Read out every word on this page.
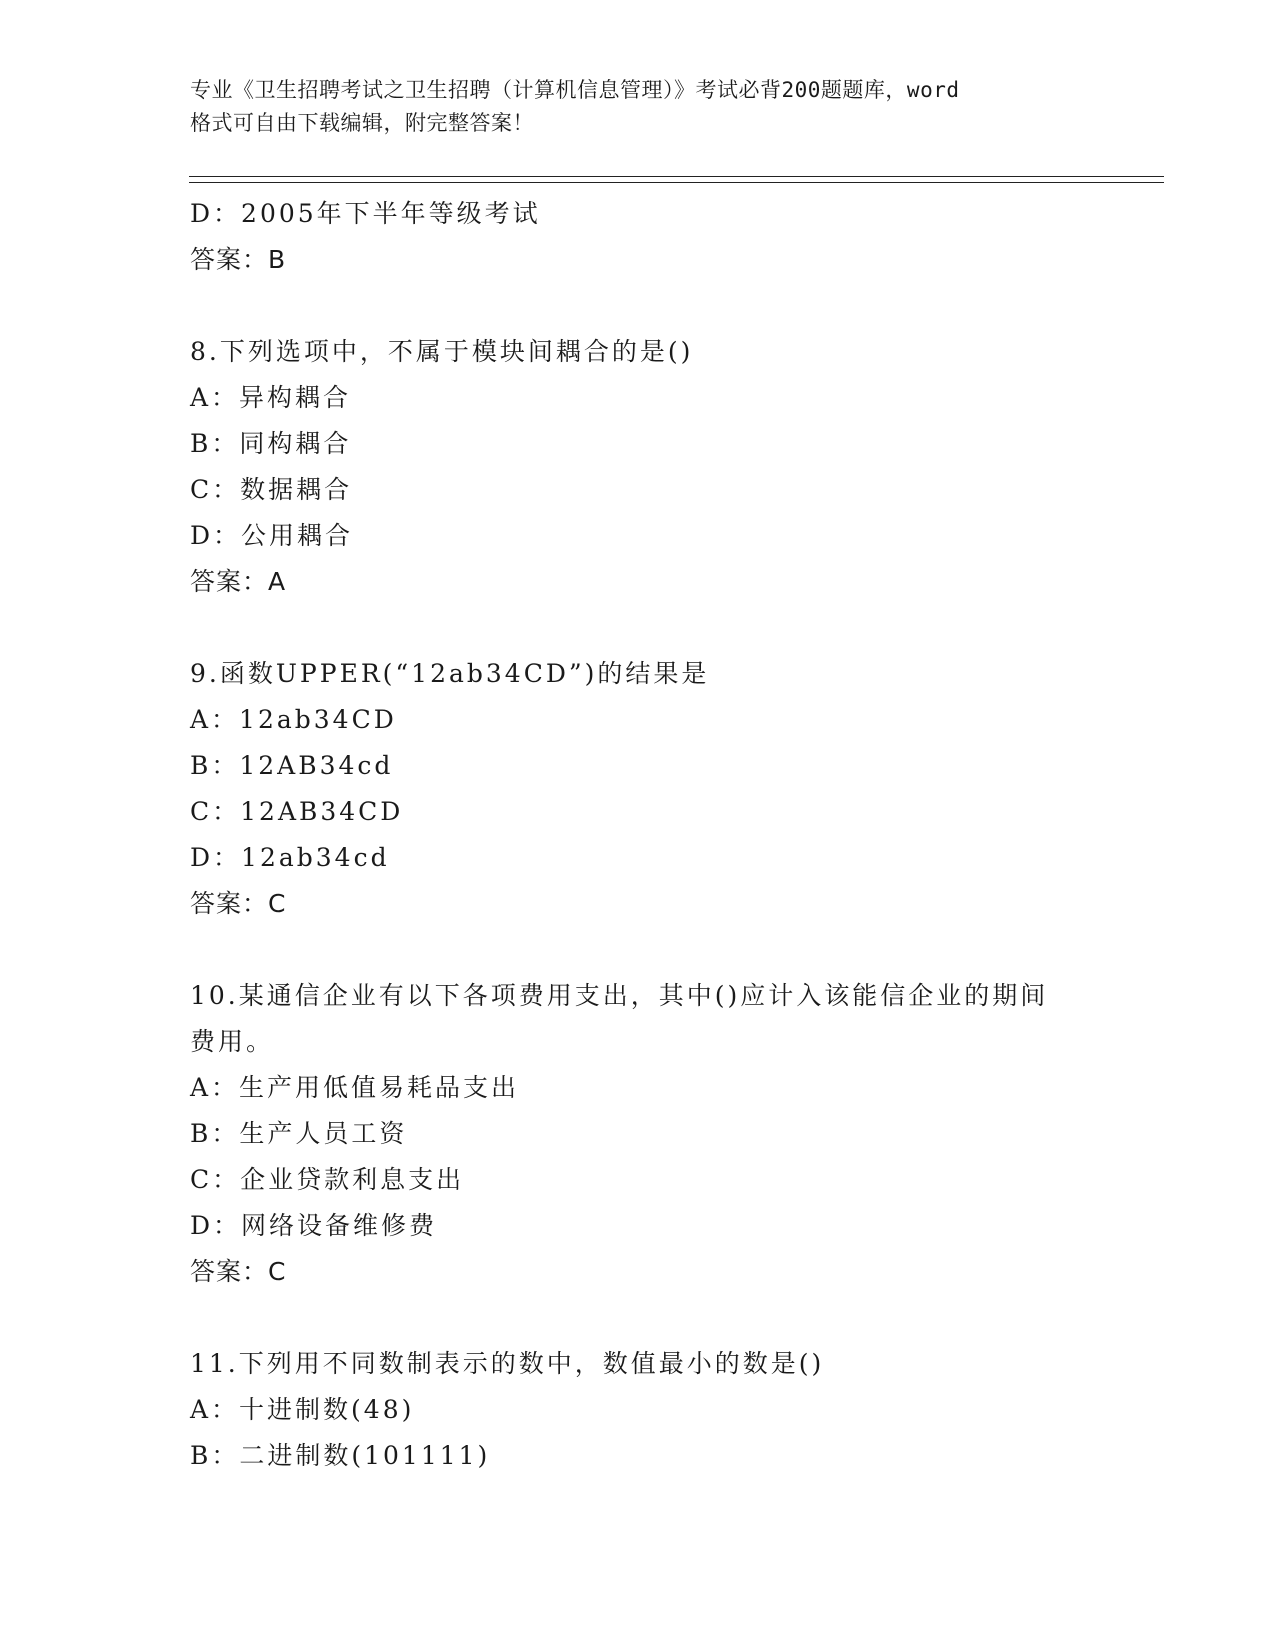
专业《卫生招聘考试之卫生招聘（计算机信息管理）》考试必背200题题库，word
格式可自由下载编辑，附完整答案！
D：2005年下半年等级考试
答案：B
8.下列选项中，不属于模块间耦合的是()
A：异构耦合
B：同构耦合
C：数据耦合
D：公用耦合
答案：A
9.函数UPPER(“12ab34CD”)的结果是
A：12ab34CD
B：12AB34cd
C：12AB34CD
D：12ab34cd
答案：C
10.某通信企业有以下各项费用支出，其中()应计入该能信企业的期间
费用。
A：生产用低值易耗品支出
B：生产人员工资
C：企业贷款利息支出
D：网络设备维修费
答案：C
11.下列用不同数制表示的数中，数值最小的数是()
A：十进制数(48)
B：二进制数(101111)
